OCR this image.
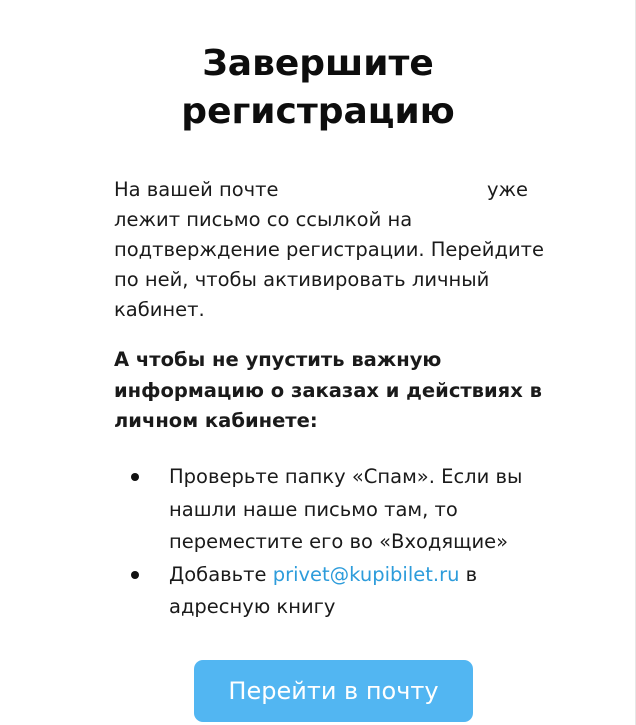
Завершите
регистрацию

На вашей почте	уже лежит письмо со ссылкой на подтверждение регистрации. Перейдите по ней, чтобы активировать личный кабинет.

А чтобы не упустить важную информацию о заказах и действиях в личном кабинете:

Проверьте папку «Спам». Если вы нашли наше письмо там, то переместите его во «Входящие»
Добавьте privet@kupibilet.ru в адресную книгу
Перейти в почту
